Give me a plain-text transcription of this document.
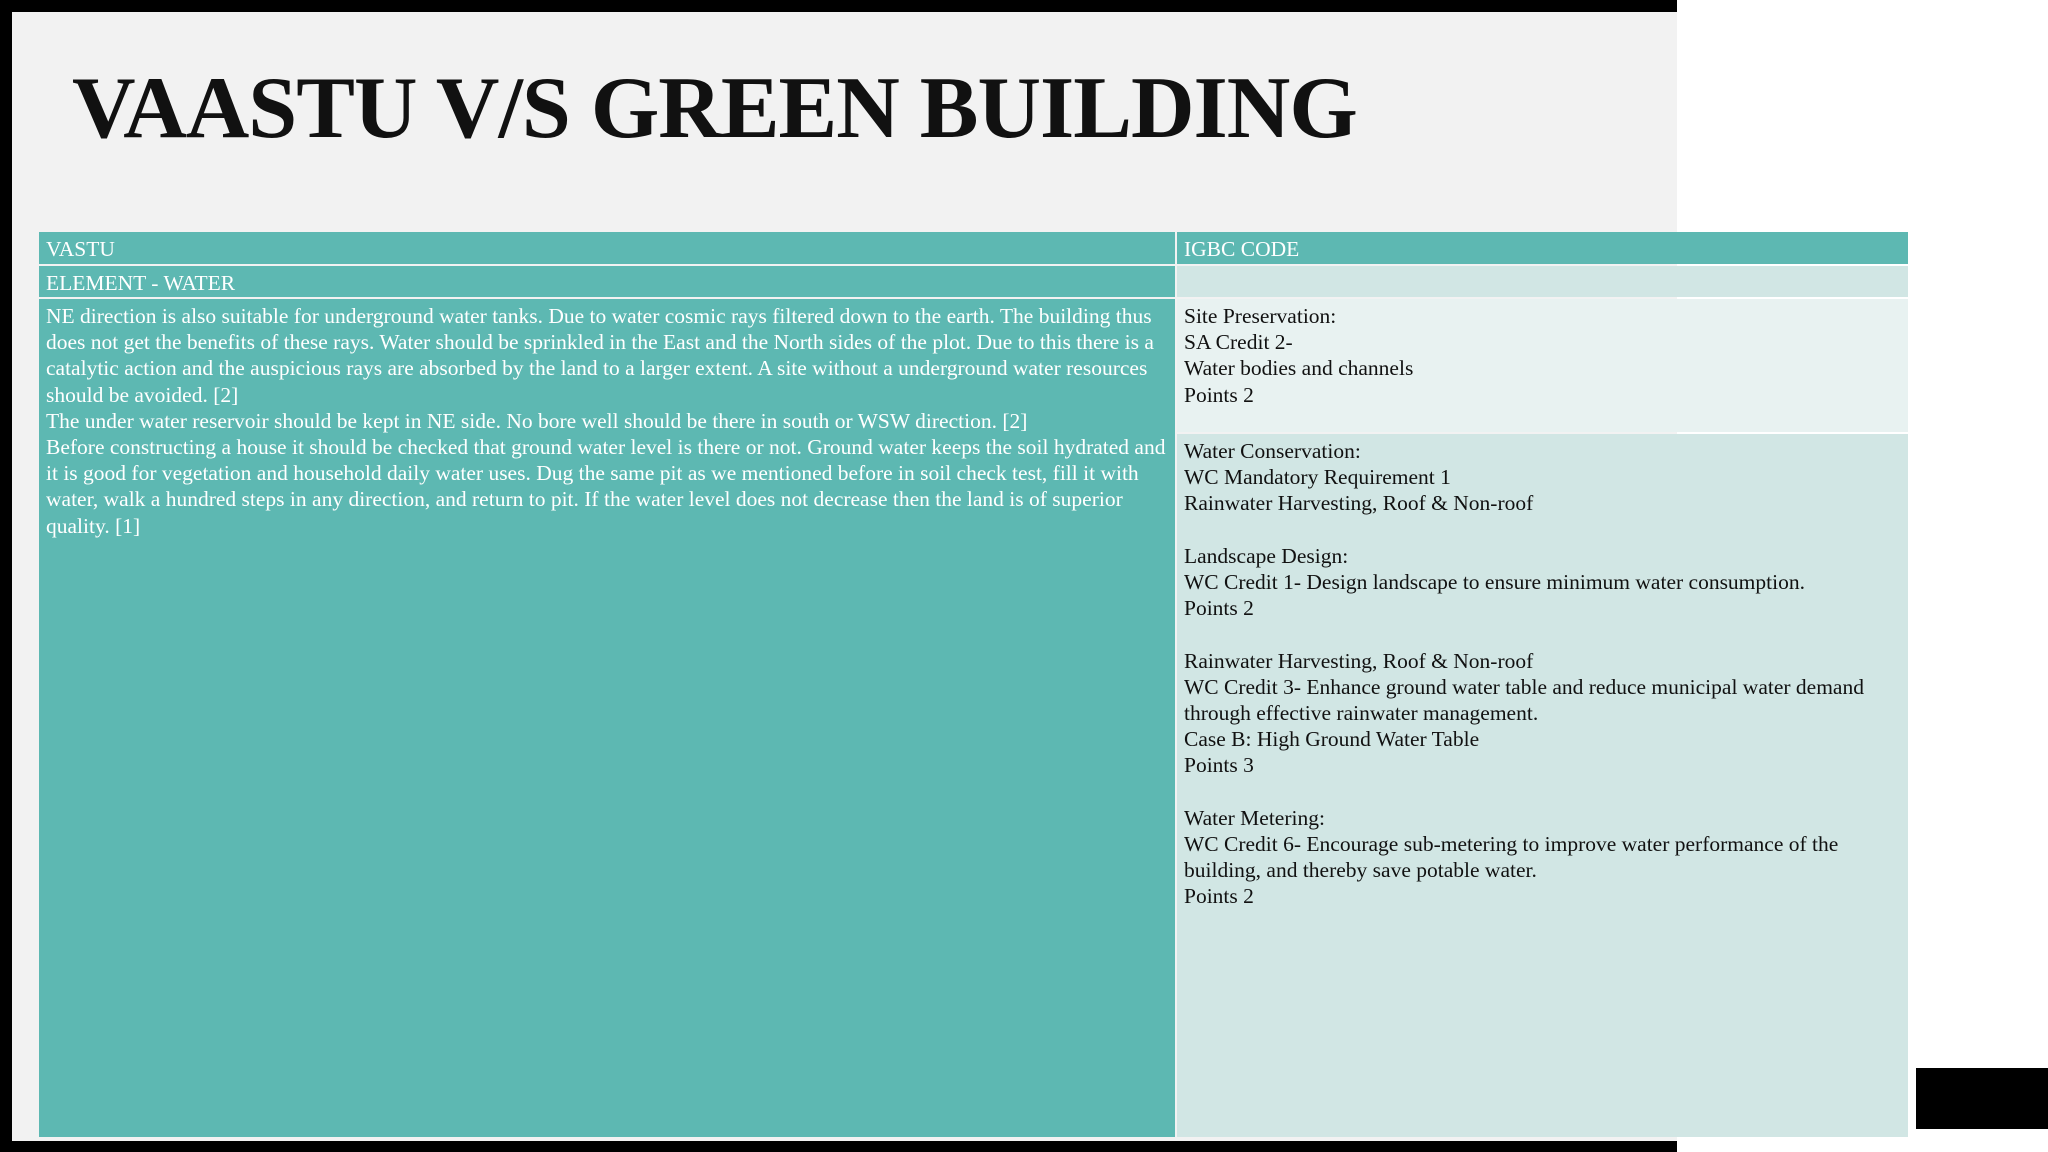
VAASTU V/S GREEN BUILDING
VASTU	IGBC CODE
ELEMENT - WATER
NE direction is also suitable for underground water tanks. Due to water cosmic rays filtered down to the earth. The building thus does not get the benefits of these rays. Water should be sprinkled in the East and the North sides of the plot. Due to this there is a catalytic action and the auspicious rays are absorbed by the land to a larger extent. A site without a underground water resources should be avoided. [2]
The under water reservoir should be kept in NE side. No bore well should be there in south or WSW direction. [2]
Before constructing a house it should be checked that ground water level is there or not. Ground water keeps the soil hydrated and it is good for vegetation and household daily water uses. Dug the same pit as we mentioned before in soil check test, fill it with water, walk a hundred steps in any direction, and return to pit. If the water level does not decrease then the land is of superior quality. [1]
Site Preservation:
SA Credit 2-
Water bodies and channels
Points 2
Water Conservation:
WC Mandatory Requirement 1
Rainwater Harvesting, Roof & Non-roof

Landscape Design:
WC Credit 1- Design landscape to ensure minimum water consumption.
Points 2

Rainwater Harvesting, Roof & Non-roof
WC Credit 3- Enhance ground water table and reduce municipal water demand through effective rainwater management.
Case B: High Ground Water Table
Points 3

Water Metering:
WC Credit 6- Encourage sub-metering to improve water performance of the building, and thereby save potable water.
Points 2
